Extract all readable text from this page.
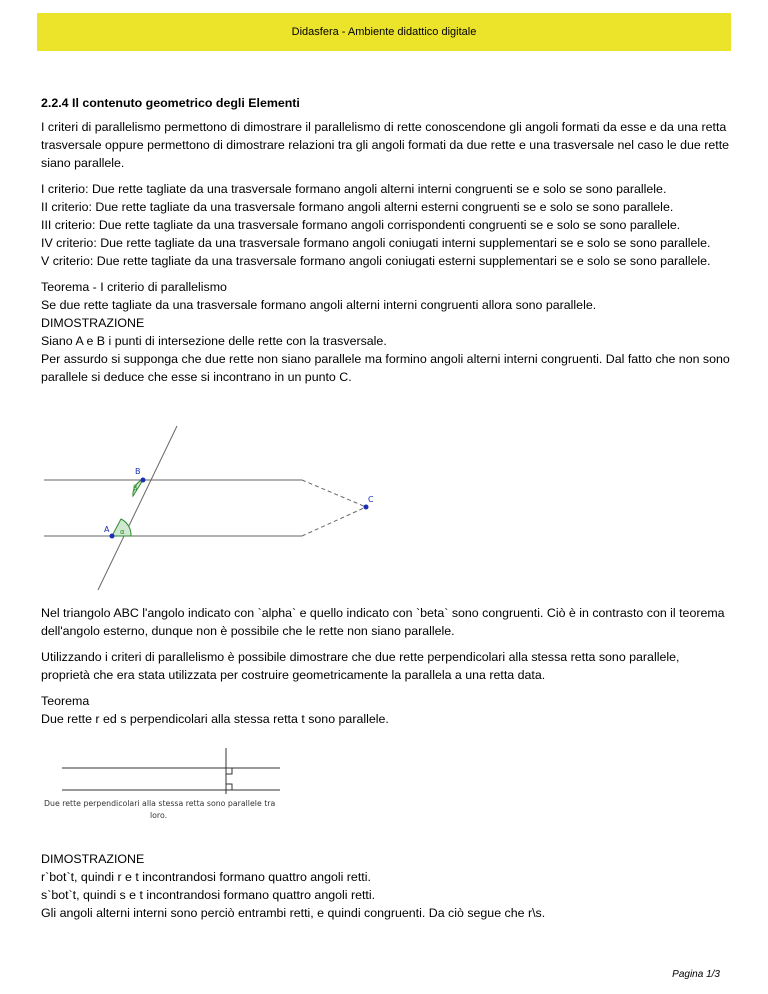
Didasfera - Ambiente didattico digitale
2.2.4 Il contenuto geometrico degli Elementi

I criteri di parallelismo permettono di dimostrare il parallelismo di rette conoscendone gli angoli formati da esse e da una retta trasversale oppure permettono di dimostrare relazioni tra gli angoli formati da due rette e una trasversale nel caso le due rette siano parallele.

I criterio: Due rette tagliate da una trasversale formano angoli alterni interni congruenti se e solo se sono parallele.
II criterio: Due rette tagliate da una trasversale formano angoli alterni esterni congruenti se e solo se sono parallele.
III criterio: Due rette tagliate da una trasversale formano angoli corrispondenti congruenti se e solo se sono parallele.
IV criterio: Due rette tagliate da una trasversale formano angoli coniugati interni supplementari se e solo se sono parallele.
V criterio: Due rette tagliate da una trasversale formano angoli coniugati esterni supplementari se e solo se sono parallele.

Teorema - I criterio di parallelismo
Se due rette tagliate da una trasversale formano angoli alterni interni congruenti allora sono parallele.
DIMOSTRAZIONE
Siano A e B i punti di intersezione delle rette con la trasversale.
Per assurdo si supponga che due rette non siano parallele ma formino angoli alterni interni congruenti. Dal fatto che non sono parallele si deduce che esse si incontrano in un punto C.

B
A
C
β
α

Nel triangolo ABC l'angolo indicato con `alpha` e quello indicato con `beta` sono congruenti. Ciò è in contrasto con il teorema dell'angolo esterno, dunque non è possibile che le rette non siano parallele.

Utilizzando i criteri di parallelismo è possibile dimostrare che due rette perpendicolari alla stessa retta sono parallele, proprietà che era stata utilizzata per costruire geometricamente la parallela a una retta data.

Teorema
Due rette r ed s perpendicolari alla stessa retta t sono parallele.

Due rette perpendicolari alla stessa retta sono parallele tra
loro.

DIMOSTRAZIONE
r`bot`t, quindi r e t incontrandosi formano quattro angoli retti.
s`bot`t, quindi s e t incontrandosi formano quattro angoli retti.
Gli angoli alterni interni sono perciò entrambi retti, e quindi congruenti. Da ciò segue che r\s.

Pagina 1/3
